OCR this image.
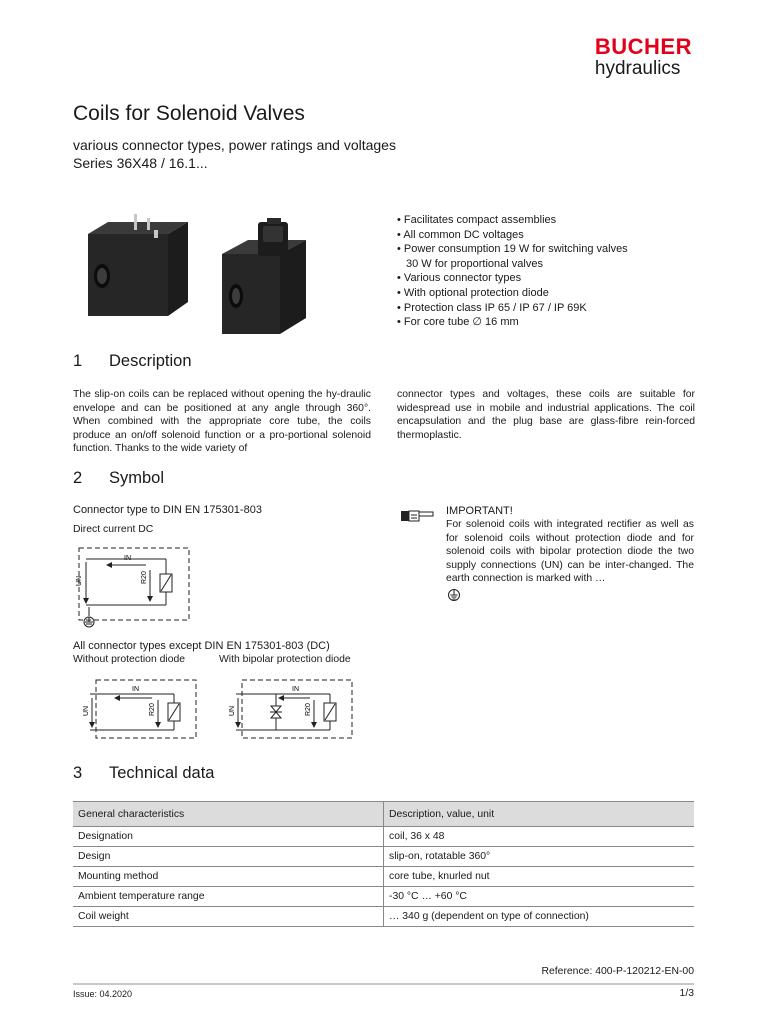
BUCHER
hydraulics
Coils for Solenoid Valves
various connector types, power ratings and voltages
Series 36X48 / 16.1...
• Facilitates compact assemblies
• All common DC voltages
• Power consumption 19 W for switching valves
30 W for proportional valves
• Various connector types
• With optional protection diode
• Protection class IP 65 / IP 67 / IP 69K
• For core tube ∅ 16 mm
1 Description
The slip-on coils can be replaced without opening the hy-draulic envelope and can be positioned at any angle through 360°. When combined with the appropriate core tube, the coils produce an on/off solenoid function or a pro-portional solenoid function. Thanks to the wide variety of
connector types and voltages, these coils are suitable for widespread use in mobile and industrial applications. The coil encapsulation and the plug base are glass-fibre rein-forced thermoplastic.
2 Symbol
Connector type to DIN EN 175301-803
Direct current DC
IN
R20
UN
IMPORTANT!
For solenoid coils with integrated rectifier as well as for solenoid coils without protection diode and for solenoid coils with bipolar protection diode the two supply connections (UN) can be inter-changed. The earth connection is marked with …
All connector types except DIN EN 175301-803 (DC)
Without protection diode	With bipolar protection diode
IN
R20
UN
IN
R20
UN
3 Technical data
General characteristics	Description, value, unit
Designation	coil, 36 x 48
Design	slip-on, rotatable 360°
Mounting method	core tube, knurled nut
Ambient temperature range	-30 °C … +60 °C
Coil weight	… 340 g (dependent on type of connection)
Reference: 400-P-120212-EN-00
Issue: 04.2020	1/3
